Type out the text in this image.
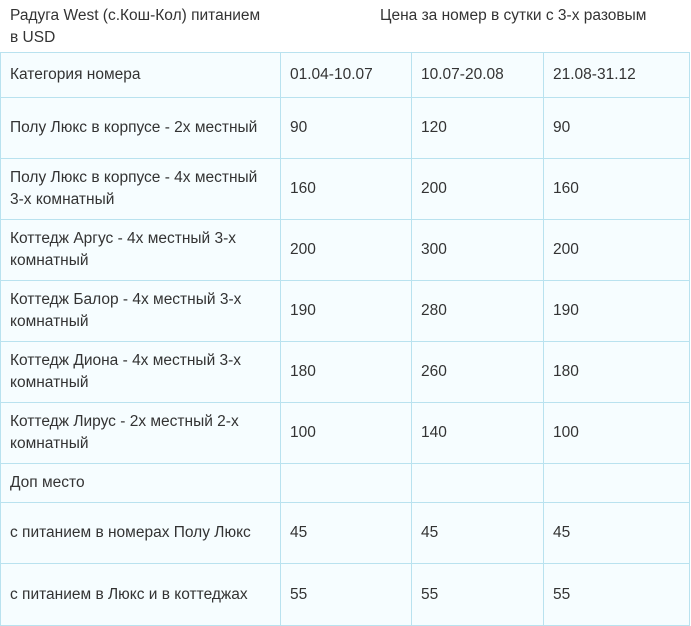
Радуга West (с.Кош-Кол) питанием в USD
Цена за номер в сутки с 3-х разовым
Категория номера	01.04-10.07	10.07-20.08	21.08-31.12
Полу Люкс в корпусе - 2х местный	90	120	90
Полу Люкс в корпусе - 4х местный 3-х комнатный	160	200	160
Коттедж Аргус - 4х местный 3-х комнатный	200	300	200
Коттедж Балор - 4х местный 3-х комнатный	190	280	190
Коттедж Диона - 4х местный 3-х комнатный	180	260	180
Коттедж Лирус - 2х местный 2-х комнатный	100	140	100
Доп место			
с питанием в номерах Полу Люкс	45	45	45
с питанием в Люкс и в коттеджах	55	55	55
